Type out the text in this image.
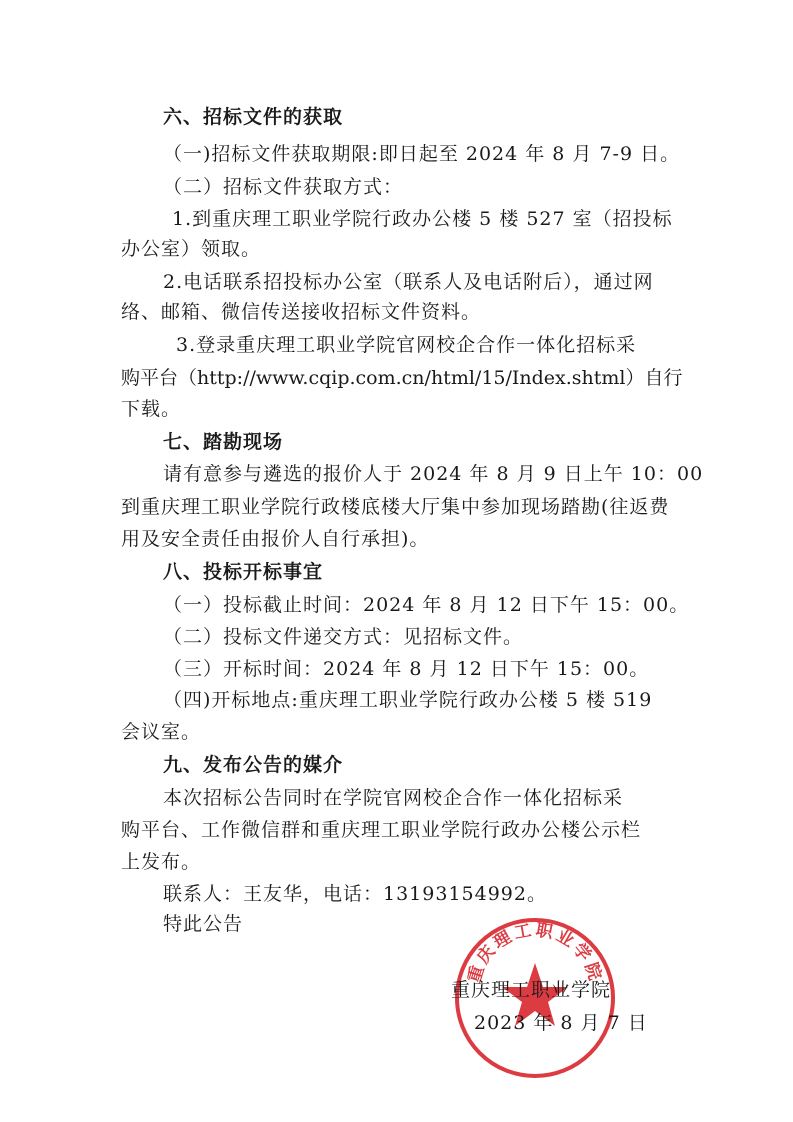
六、招标文件的获取
（一)招标文件获取期限:即日起至 2024 年 8 月 7-9 日。
（二）招标文件获取方式：
1.到重庆理工职业学院行政办公楼 5 楼 527 室（招投标
办公室）领取。
2.电话联系招投标办公室（联系人及电话附后），通过网
络、邮箱、微信传送接收招标文件资料。
3.登录重庆理工职业学院官网校企合作一体化招标采
购平台（http://www.cqip.com.cn/html/15/Index.shtml）自行
下载。
七、踏勘现场
请有意参与遴选的报价人于 2024 年 8 月 9 日上午 10：00
到重庆理工职业学院行政楼底楼大厅集中参加现场踏勘(往返费
用及安全责任由报价人自行承担)。
八、投标开标事宜
（一）投标截止时间：2024 年 8 月 12 日下午 15：00。
（二）投标文件递交方式：见招标文件。
（三）开标时间：2024 年 8 月 12 日下午 15：00。
（四)开标地点:重庆理工职业学院行政办公楼 5 楼 519
会议室。
九、发布公告的媒介
本次招标公告同时在学院官网校企合作一体化招标采
购平台、工作微信群和重庆理工职业学院行政办公楼公示栏
上发布。
联系人：王友华，电话：13193154992。
特此公告
重庆理工职业学院
重庆理工职业学院
2023 年 8 月 7 日
